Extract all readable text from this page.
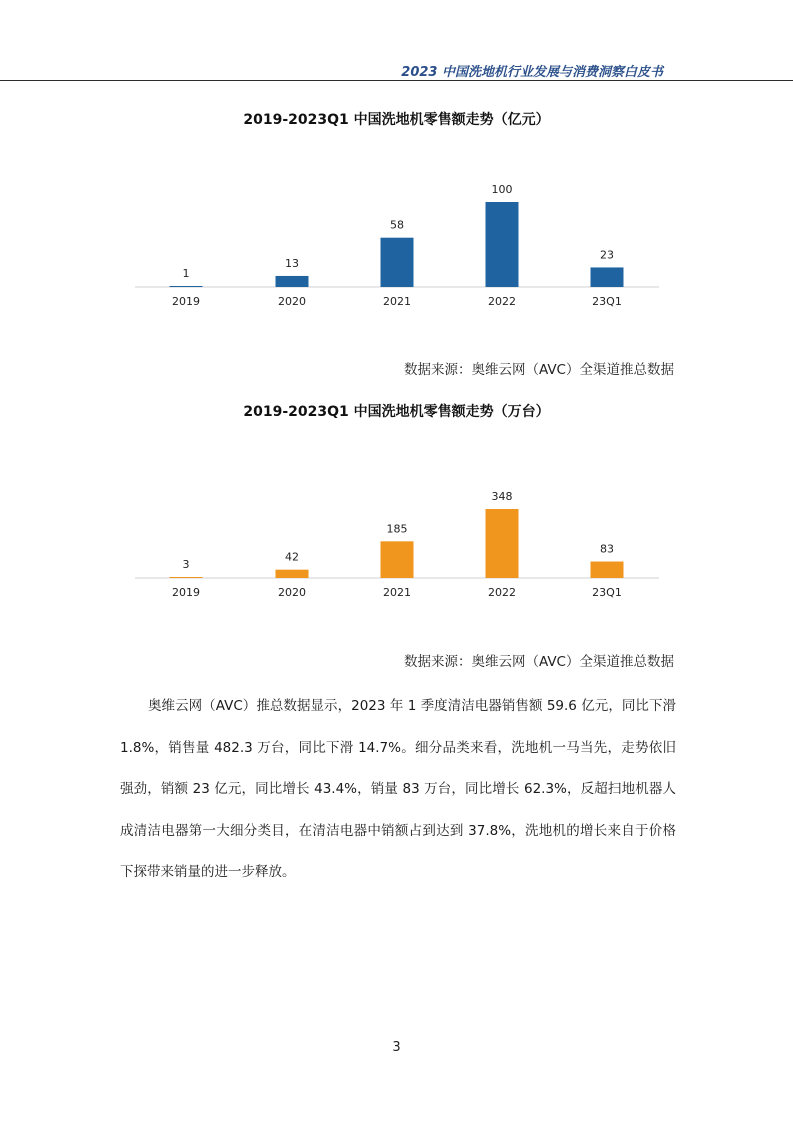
2023 中国洗地机行业发展与消费洞察白皮书
2019-2023Q1 中国洗地机零售额走势（亿元）
1
2019
13
2020
58
2021
100
2022
23
23Q1
数据来源：奥维云网（AVC）全渠道推总数据
2019-2023Q1 中国洗地机零售额走势（万台）
3
2019
42
2020
185
2021
348
2022
83
23Q1
数据来源：奥维云网（AVC）全渠道推总数据
奥维云网（AVC）推总数据显示，2023 年 1 季度清洁电器销售额 59.6 亿元，同比下滑 1.8%，销售量 482.3 万台，同比下滑 14.7%。细分品类来看，洗地机一马当先，走势依旧强劲，销额 23 亿元，同比增长 43.4%，销量 83 万台，同比增长 62.3%，反超扫地机器人成清洁电器第一大细分类目，在清洁电器中销额占到达到 37.8%，洗地机的增长来自于价格下探带来销量的进一步释放。
3
